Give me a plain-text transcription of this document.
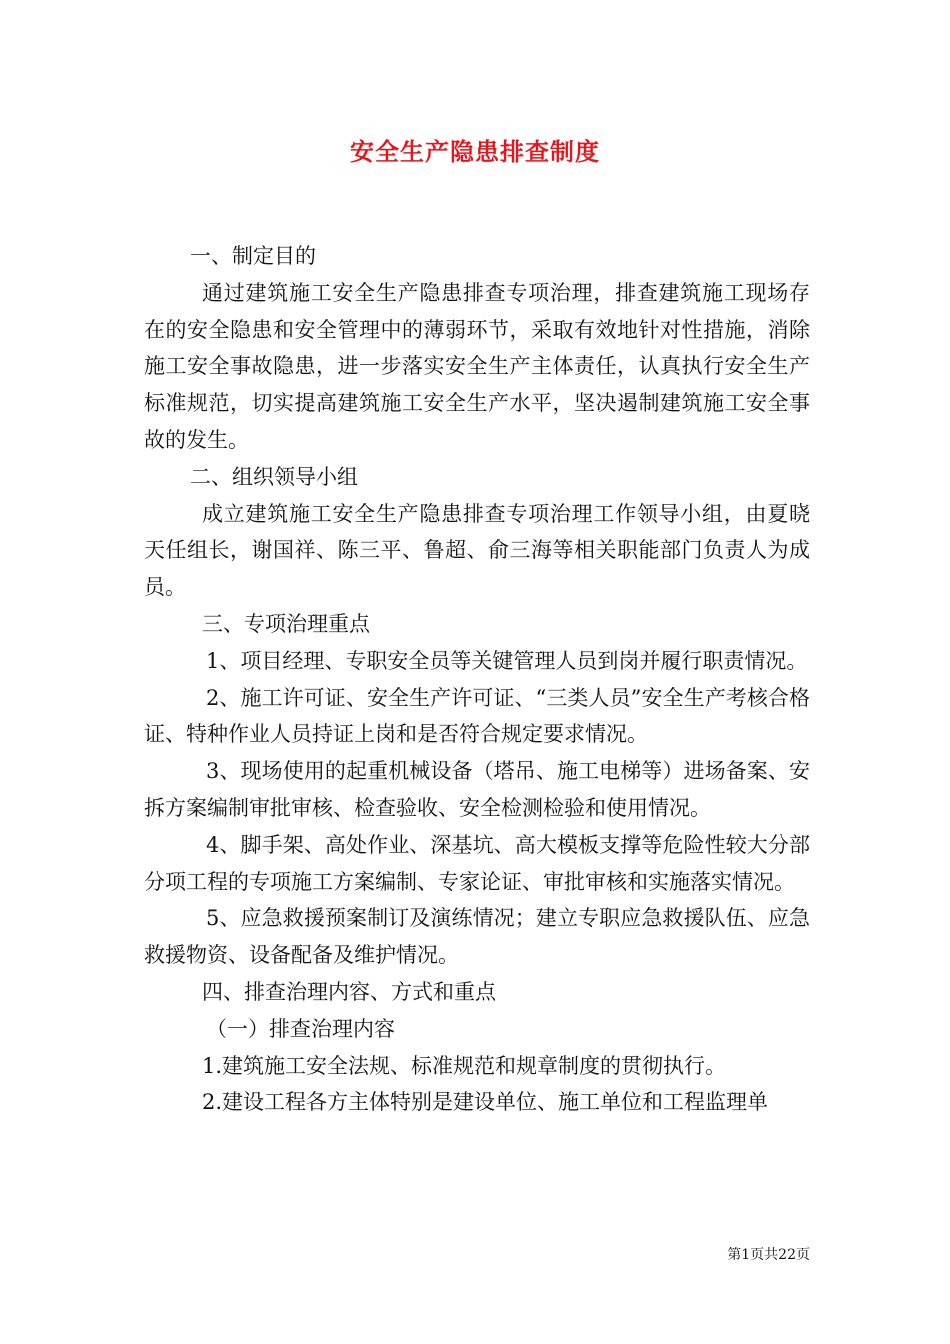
安全生产隐患排查制度

一、制定目的

通过建筑施工安全生产隐患排查专项治理，排查建筑施工现场存在的安全隐患和安全管理中的薄弱环节，采取有效地针对性措施，消除施工安全事故隐患，进一步落实安全生产主体责任，认真执行安全生产标准规范，切实提高建筑施工安全生产水平，坚决遏制建筑施工安全事故的发生。

二、组织领导小组

成立建筑施工安全生产隐患排查专项治理工作领导小组，由夏晓天任组长，谢国祥、陈三平、鲁超、俞三海等相关职能部门负责人为成员。

三、专项治理重点

1、项目经理、专职安全员等关键管理人员到岗并履行职责情况。

2、施工许可证、安全生产许可证、“三类人员”安全生产考核合格证、特种作业人员持证上岗和是否符合规定要求情况。

3、现场使用的起重机械设备（塔吊、施工电梯等）进场备案、安拆方案编制审批审核、检查验收、安全检测检验和使用情况。

4、脚手架、高处作业、深基坑、高大模板支撑等危险性较大分部分项工程的专项施工方案编制、专家论证、审批审核和实施落实情况。

5、应急救援预案制订及演练情况；建立专职应急救援队伍、应急救援物资、设备配备及维护情况。

四、排查治理内容、方式和重点

（一）排查治理内容

1.建筑施工安全法规、标准规范和规章制度的贯彻执行。

2.建设工程各方主体特别是建设单位、施工单位和工程监理单

第1页共22页
